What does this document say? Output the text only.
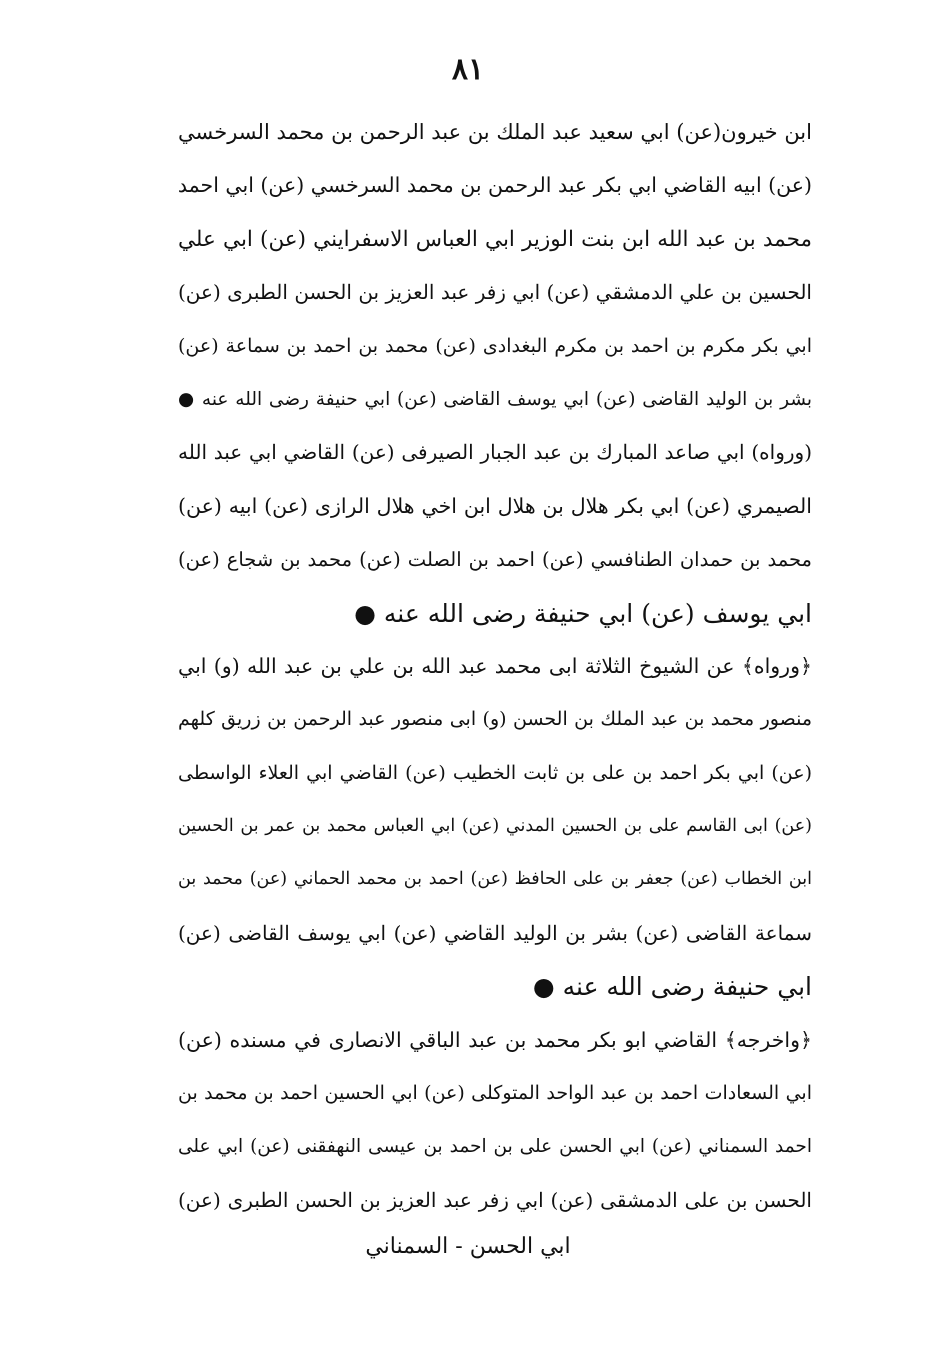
٨١
ابن خيرون(عن) ابي سعيد عبد الملك بن عبد الرحمن بن محمد السرخسي
(عن) ابيه القاضي ابي بكر عبد الرحمن بن محمد السرخسي (عن) ابي احمد
محمد بن عبد الله ابن بنت الوزير ابي العباس الاسفرايني (عن) ابي علي
الحسين بن علي الدمشقي (عن) ابي زفر عبد العزيز بن الحسن الطبرى (عن)
ابي بكر مكرم بن احمد بن مكرم البغدادى (عن) محمد بن احمد بن سماعة (عن)
بشر بن الوليد القاضى (عن) ابي يوسف القاضى (عن) ابي حنيفة رضى الله عنه ●
(ورواه) ابي صاعد المبارك بن عبد الجبار الصيرفى (عن) القاضي ابي عبد الله
الصيمري (عن) ابي بكر هلال بن هلال ابن اخي هلال الرازى (عن) ابيه (عن)
محمد بن حمدان الطنافسي (عن) احمد بن الصلت (عن) محمد بن شجاع (عن)
ابي يوسف (عن) ابي حنيفة رضى الله عنه ●
﴿ورواه﴾ عن الشيوخ الثلاثة ابى محمد عبد الله بن علي بن عبد الله (و) ابي
منصور محمد بن عبد الملك بن الحسن (و) ابى منصور عبد الرحمن بن زريق كلهم
(عن) ابي بكر احمد بن على بن ثابت الخطيب (عن) القاضي ابي العلاء الواسطى
(عن) ابى القاسم على بن الحسين المدني (عن) ابي العباس محمد بن عمر بن الحسين
ابن الخطاب (عن) جعفر بن على الحافظ (عن) احمد بن محمد الحماني (عن) محمد بن
سماعة القاضى (عن) بشر بن الوليد القاضي (عن) ابي يوسف القاضى (عن)
ابي حنيفة رضى الله عنه ●
﴿واخرجه﴾ القاضي ابو بكر محمد بن عبد الباقي الانصارى في مسنده (عن)
ابي السعادات احمد بن عبد الواحد المتوكلى (عن) ابي الحسين احمد بن محمد بن
احمد السمناني (عن) ابي الحسن على بن احمد بن عيسى النهفقنى (عن) ابي على
الحسن بن على الدمشقى (عن) ابي زفر عبد العزيز بن الحسن الطبرى (عن)
ابي الحسن - السمناني
